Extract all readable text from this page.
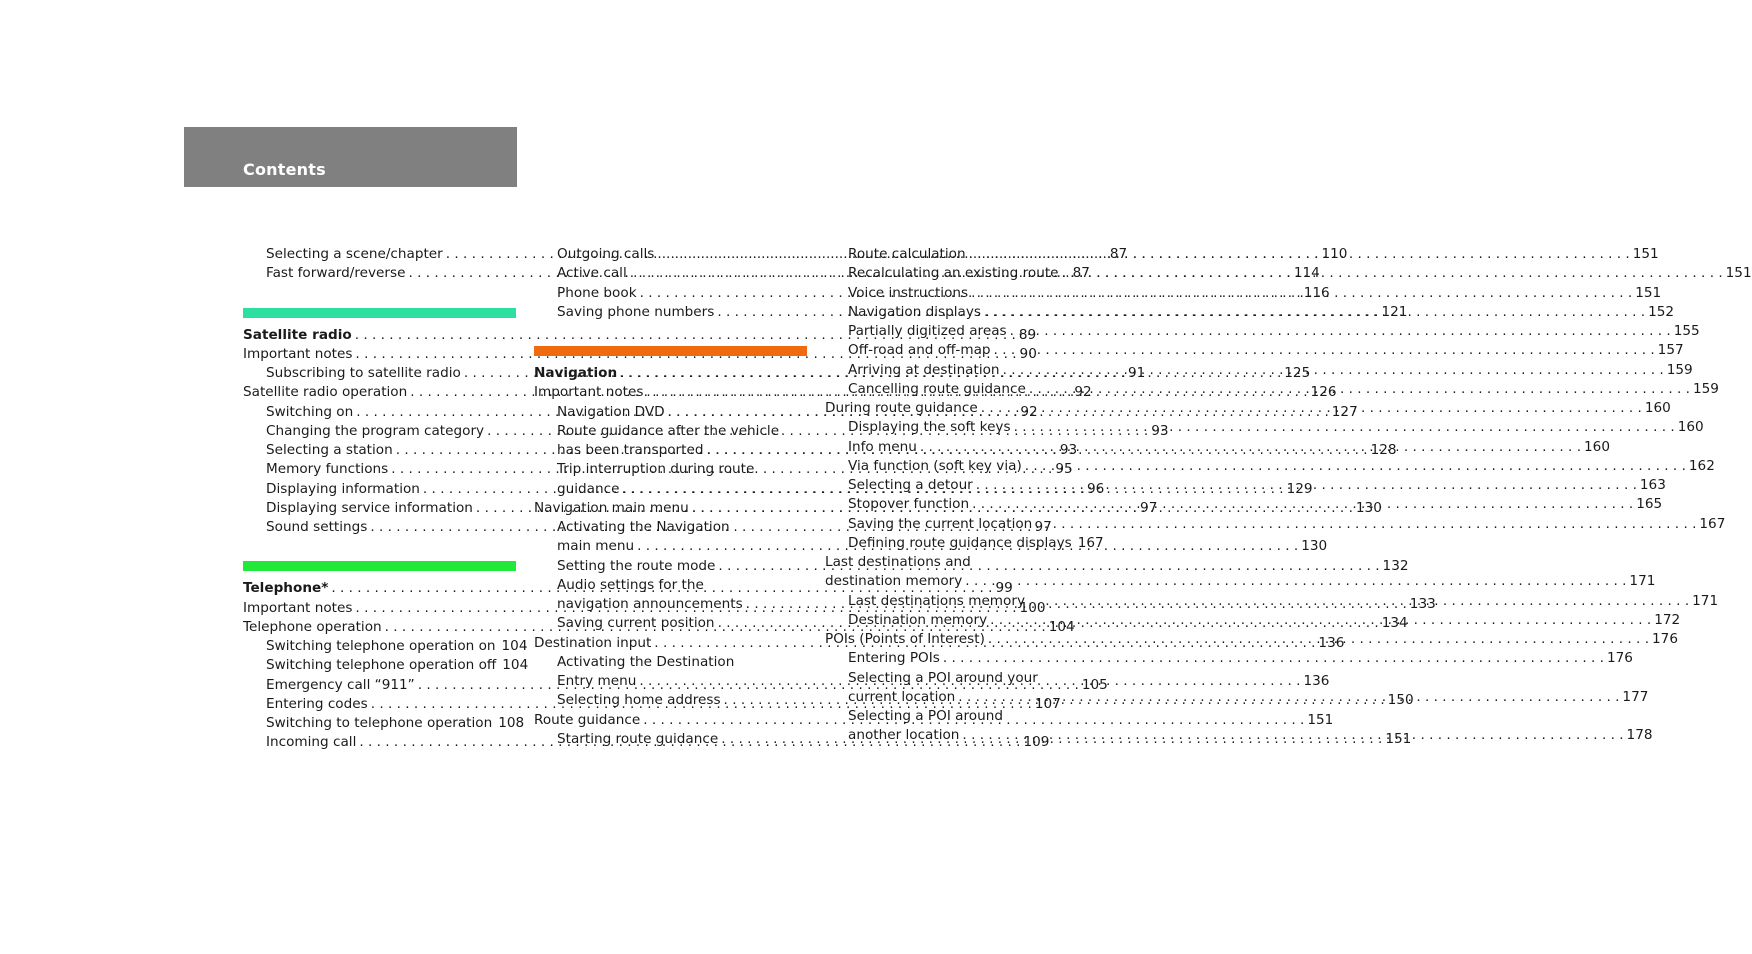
Contents
Selecting a scene/chapter . . .	87
Fast forward/reverse . . .	87
Satellite radio . . .	89
Important notes . . .	90
Subscribing to satellite radio . . .	91
Satellite radio operation . . .	92
Switching on . . .	92
Changing the program category . . .	93
Selecting a station . . .	93
Memory functions . . .	95
Displaying information . . .	96
Displaying service information . . .	97
Sound settings . . .	97
Telephone* . . .	99
Important notes . . .	100
Telephone operation . . .	104
Switching telephone operation on 104
Switching telephone operation off 104
Emergency call “911” . . .	105
Entering codes . . .	107
Switching to telephone operation 108
Incoming call . . .	109
Outgoing calls . . .	110
Active call . . .	114
Phone book . . .	116
Saving phone numbers . . .	121
Navigation . . .	125
Important notes . . .	126
Navigation DVD . . .	127
Route guidance after the vehicle
has been transported . . .	128
Trip interruption during route
guidance . . .	129
Navigation main menu . . .	130
Activating the Navigation
main menu . . .	130
Setting the route mode . . .	132
Audio settings for the
navigation announcements . . .	133
Saving current position . . .	134
Destination input . . .	136
Activating the Destination
Entry menu . . .	136
Selecting home address . . .	150
Route guidance . . .	151
Starting route guidance . . .	151
Route calculation . . .	151
Recalculating an existing route . . .	151
Voice instructions . . .	151
Navigation displays . . .	152
Partially digitized areas . . .	155
Off-road and off-map . . .	157
Arriving at destination . . .	159
Cancelling route guidance . . .	159
During route guidance . . .	160
Displaying the soft keys . . .	160
Info menu . . .	160
Via function (soft key via) . . .	162
Selecting a detour . . .	163
Stopover function . . .	165
Saving the current location . . .	167
Defining route guidance displays 167
Last destinations and
destination memory . . .	171
Last destinations memory . . .	171
Destination memory . . .	172
POIs (Points of Interest) . . .	176
Entering POIs . . .	176
Selecting a POI around your
current location . . .	177
Selecting a POI around
another location . . .	178
